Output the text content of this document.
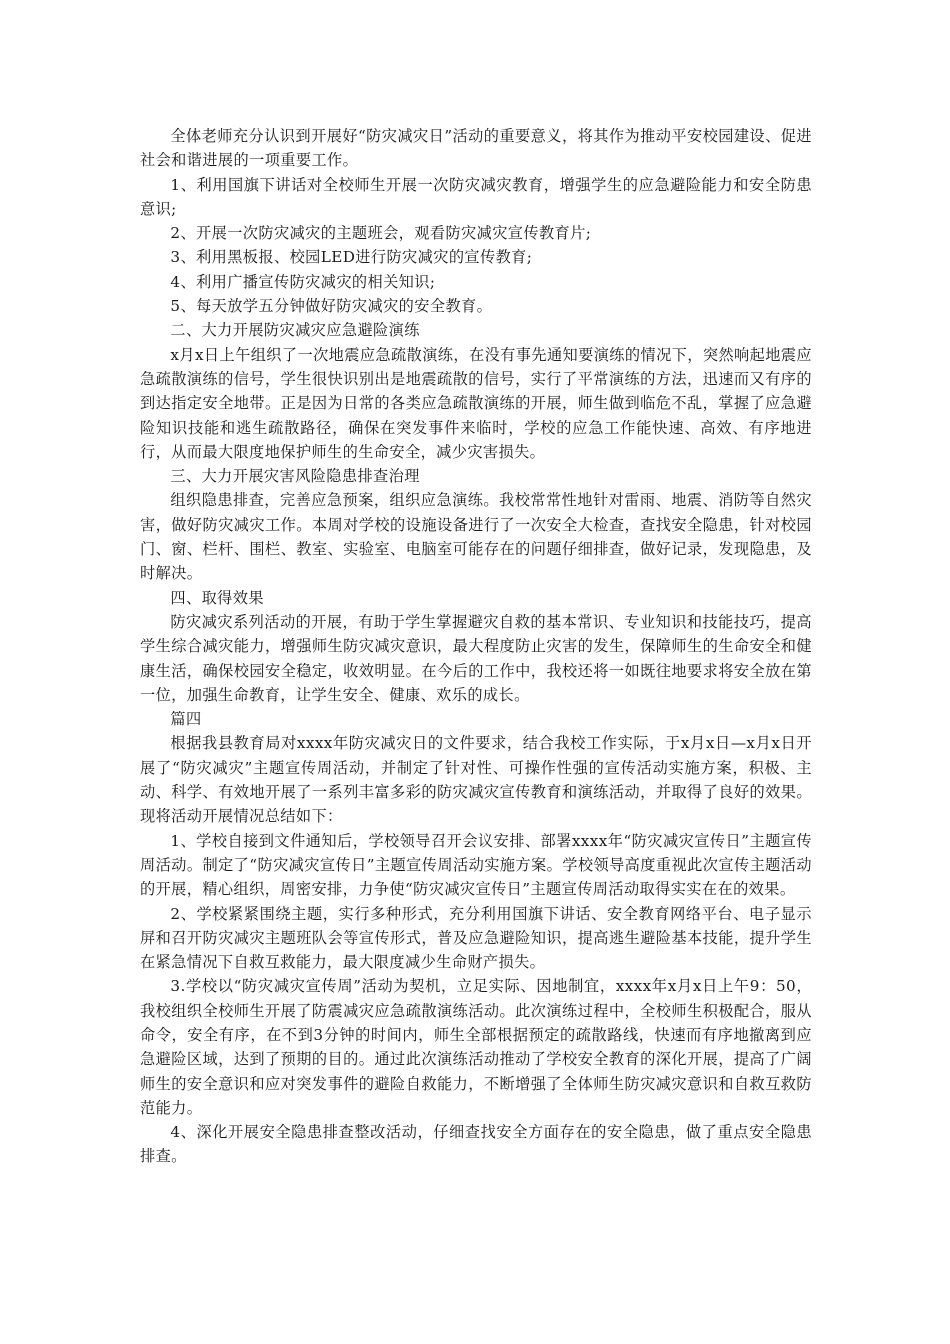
全体老师充分认识到开展好“防灾减灾日”活动的重要意义，将其作为推动平安校园建设、促进社会和谐进展的一项重要工作。

1、利用国旗下讲话对全校师生开展一次防灾减灾教育，增强学生的应急避险能力和安全防患意识;

2、开展一次防灾减灾的主题班会，观看防灾减灾宣传教育片;

3、利用黑板报、校园LED进行防灾减灾的宣传教育;

4、利用广播宣传防灾减灾的相关知识;

5、每天放学五分钟做好防灾减灾的安全教育。

二、大力开展防灾减灾应急避险演练

x月x日上午组织了一次地震应急疏散演练，在没有事先通知要演练的情况下，突然响起地震应急疏散演练的信号，学生很快识别出是地震疏散的信号，实行了平常演练的方法，迅速而又有序的到达指定安全地带。正是因为日常的各类应急疏散演练的开展，师生做到临危不乱，掌握了应急避险知识技能和逃生疏散路径，确保在突发事件来临时，学校的应急工作能快速、高效、有序地进行，从而最大限度地保护师生的生命安全，减少灾害损失。

三、大力开展灾害风险隐患排查治理

组织隐患排查，完善应急预案，组织应急演练。我校常常性地针对雷雨、地震、消防等自然灾害，做好防灾减灾工作。本周对学校的设施设备进行了一次安全大检查，查找安全隐患，针对校园门、窗、栏杆、围栏、教室、实验室、电脑室可能存在的问题仔细排查，做好记录，发现隐患，及时解决。

四、取得效果

防灾减灾系列活动的开展，有助于学生掌握避灾自救的基本常识、专业知识和技能技巧，提高学生综合减灾能力，增强师生防灾减灾意识，最大程度防止灾害的发生，保障师生的生命安全和健康生活，确保校园安全稳定，收效明显。在今后的工作中，我校还将一如既往地要求将安全放在第一位，加强生命教育，让学生安全、健康、欢乐的成长。

篇四

根据我县教育局对xxxx年防灾减灾日的文件要求，结合我校工作实际，于x月x日—x月x日开展了“防灾减灾”主题宣传周活动，并制定了针对性、可操作性强的宣传活动实施方案，积极、主动、科学、有效地开展了一系列丰富多彩的防灾减灾宣传教育和演练活动，并取得了良好的效果。现将活动开展情况总结如下：

1、学校自接到文件通知后，学校领导召开会议安排、部署xxxx年“防灾减灾宣传日”主题宣传周活动。制定了“防灾减灾宣传日”主题宣传周活动实施方案。学校领导高度重视此次宣传主题活动的开展，精心组织，周密安排，力争使“防灾减灾宣传日”主题宣传周活动取得实实在在的效果。

2、学校紧紧围绕主题，实行多种形式，充分利用国旗下讲话、安全教育网络平台、电子显示屏和召开防灾减灾主题班队会等宣传形式，普及应急避险知识，提高逃生避险基本技能，提升学生在紧急情况下自救互救能力，最大限度减少生命财产损失。

3.学校以“防灾减灾宣传周”活动为契机，立足实际、因地制宜，xxxx年x月x日上午9：50，我校组织全校师生开展了防震减灾应急疏散演练活动。此次演练过程中，全校师生积极配合，服从命令，安全有序，在不到3分钟的时间内，师生全部根据预定的疏散路线，快速而有序地撤离到应急避险区域，达到了预期的目的。通过此次演练活动推动了学校安全教育的深化开展，提高了广阔师生的安全意识和应对突发事件的避险自救能力，不断增强了全体师生防灾减灾意识和自救互救防范能力。

4、深化开展安全隐患排查整改活动，仔细查找安全方面存在的安全隐患，做了重点安全隐患排查。
